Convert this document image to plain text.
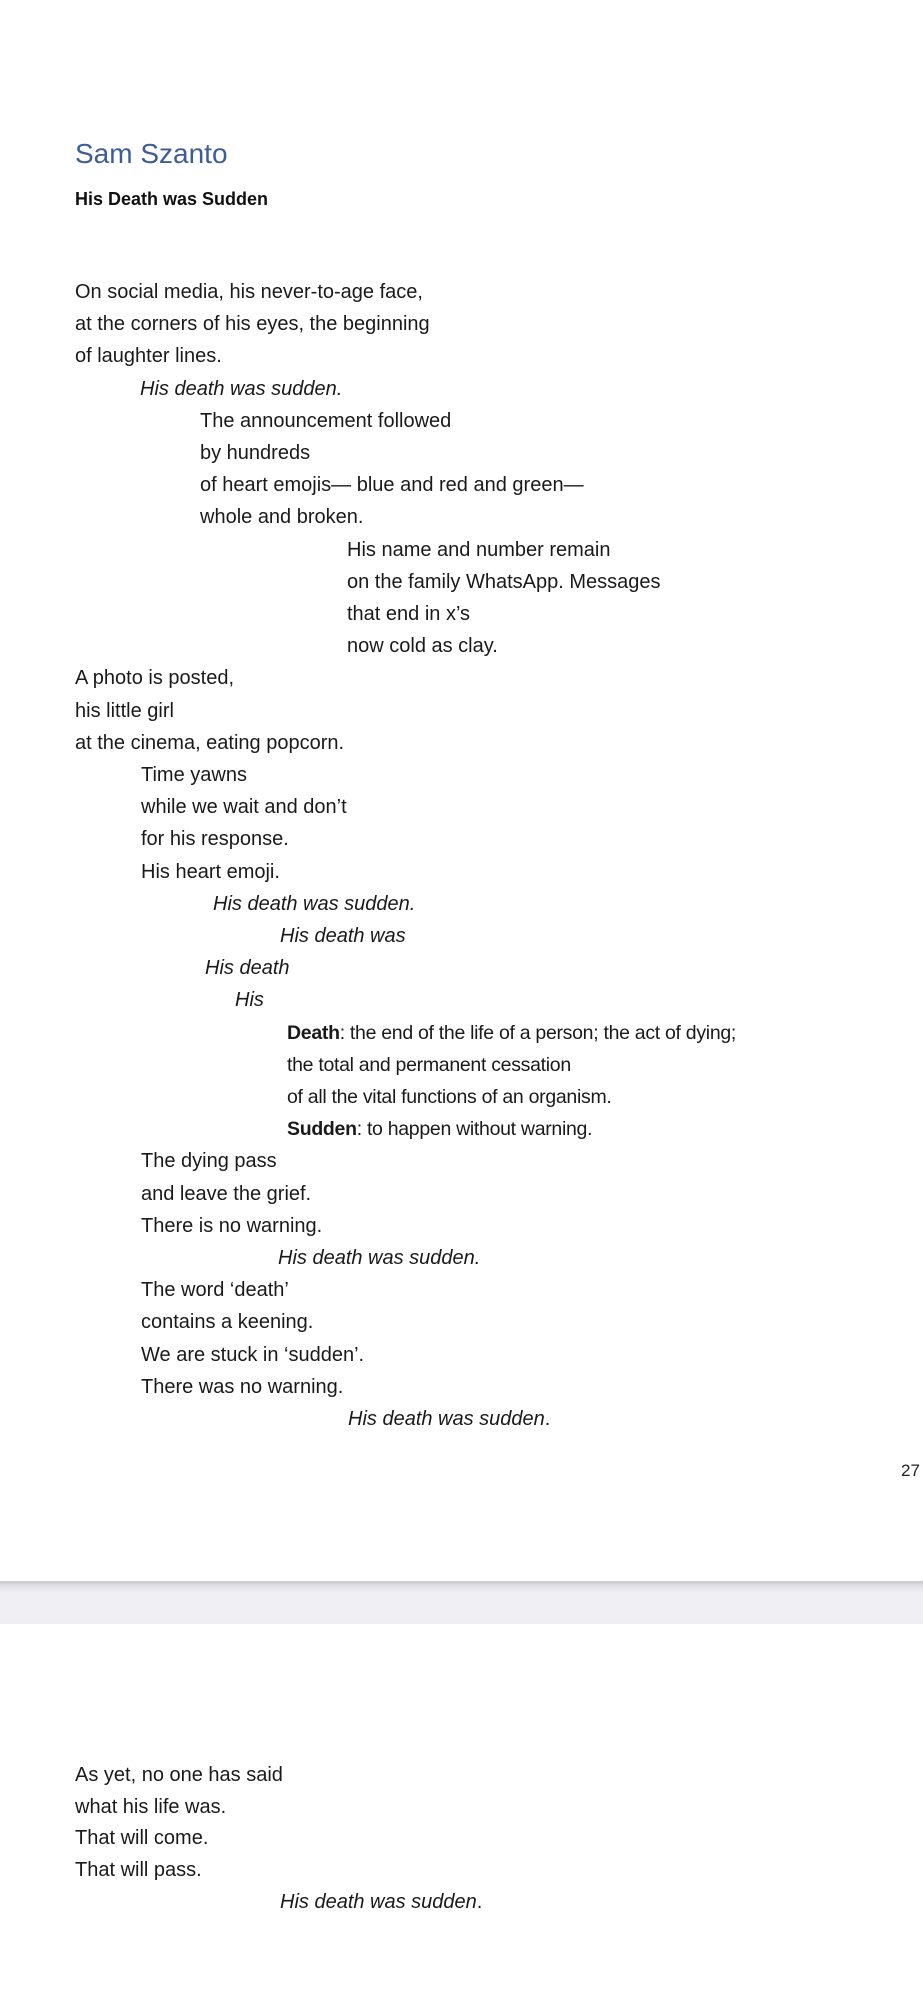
Sam Szanto
His Death was Sudden
27
On social media, his never-to-age face,
at the corners of his eyes, the beginning
of laughter lines.
His death was sudden.
The announcement followed
by hundreds
of heart emojis— blue and red and green—
whole and broken.
His name and number remain
on the family WhatsApp. Messages
that end in x’s
now cold as clay.
A photo is posted,
his little girl
at the cinema, eating popcorn.
Time yawns
while we wait and don’t
for his response.
His heart emoji.
His death was sudden.
His death was
His death
His
Death: the end of the life of a person; the act of dying;
the total and permanent cessation
of all the vital functions of an organism.
Sudden: to happen without warning.
The dying pass
and leave the grief.
There is no warning.
His death was sudden.
The word ‘death’
contains a keening.
We are stuck in ‘sudden’.
There was no warning.
His death was sudden.
As yet, no one has said
what his life was.
That will come.
That will pass.
His death was sudden.
